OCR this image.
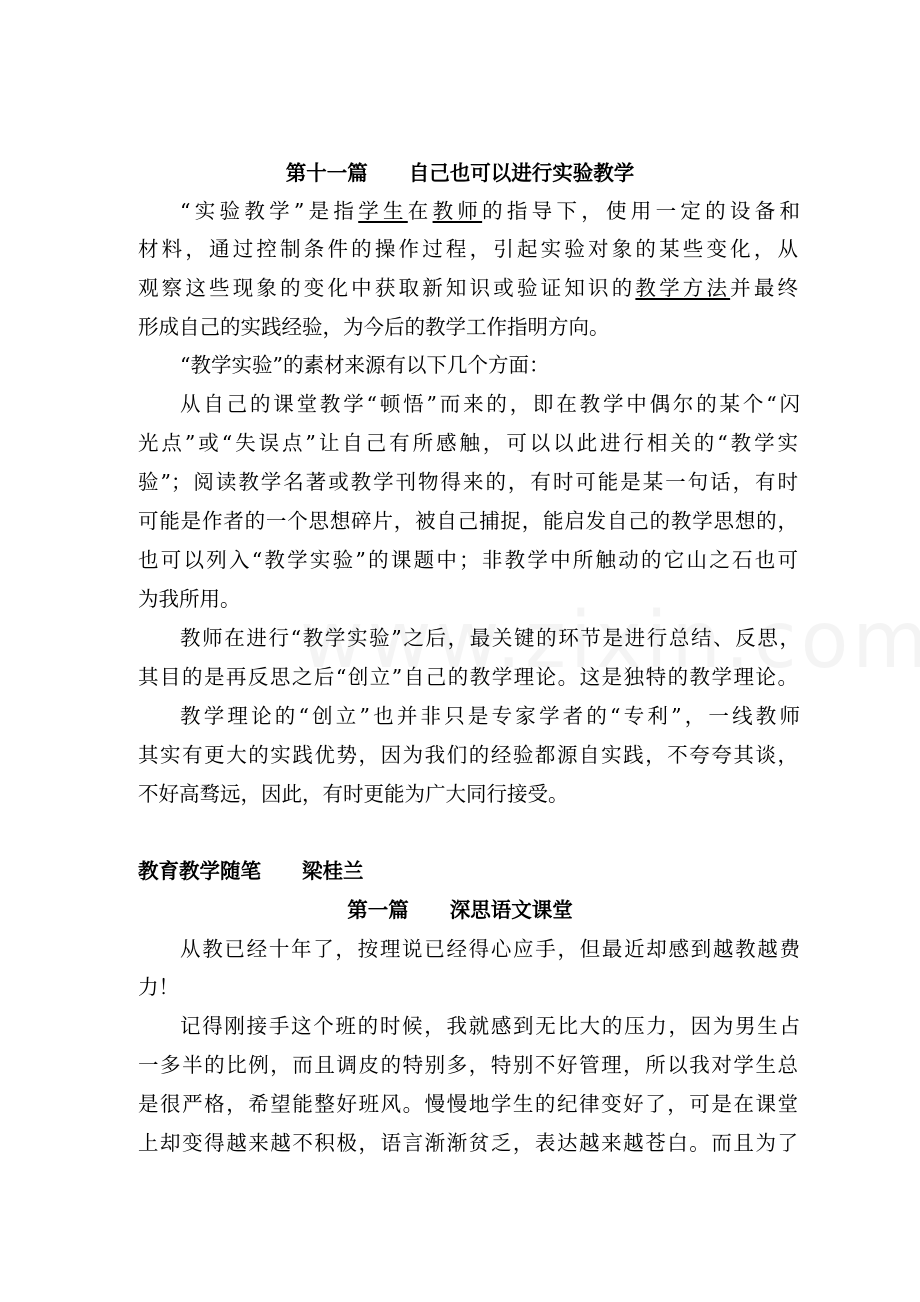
第十一篇　　自己也可以进行实验教学
“实验教学”是指学生在教师的指导下，使用一定的设备和
材料，通过控制条件的操作过程，引起实验对象的某些变化，从
观察这些现象的变化中获取新知识或验证知识的教学方法并最终
形成自己的实践经验，为今后的教学工作指明方向。
“教学实验”的素材来源有以下几个方面：
从自己的课堂教学“顿悟”而来的，即在教学中偶尔的某个“闪
光点”或“失误点”让自己有所感触，可以以此进行相关的“教学实
验”；阅读教学名著或教学刊物得来的，有时可能是某一句话，有时
可能是作者的一个思想碎片，被自己捕捉，能启发自己的教学思想的，
也可以列入“教学实验”的课题中；非教学中所触动的它山之石也可
为我所用。
教师在进行“教学实验”之后，最关键的环节是进行总结、反思，
其目的是再反思之后“创立”自己的教学理论。这是独特的教学理论。
教学理论的“创立”也并非只是专家学者的“专利”，一线教师
其实有更大的实践优势，因为我们的经验都源自实践，不夸夸其谈，
不好高骛远，因此，有时更能为广大同行接受。
教育教学随笔　　梁桂兰
第一篇　　深思语文课堂
从教已经十年了，按理说已经得心应手，但最近却感到越教越费
力！
记得刚接手这个班的时候，我就感到无比大的压力，因为男生占
一多半的比例，而且调皮的特别多，特别不好管理，所以我对学生总
是很严格，希望能整好班风。慢慢地学生的纪律变好了，可是在课堂
上却变得越来越不积极，语言渐渐贫乏，表达越来越苍白。而且为了
